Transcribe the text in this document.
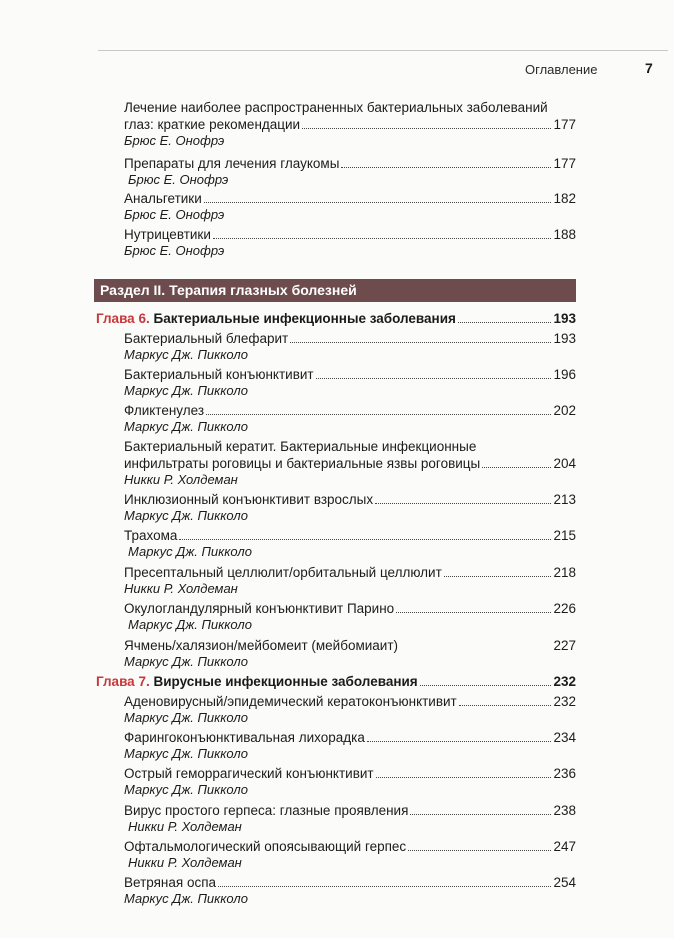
Оглавление	7
Лечение наиболее распространенных бактериальных заболеваний
глаз: краткие рекомендации	177
Брюс Е. Онофрэ
Препараты для лечения глаукомы	177
Брюс Е. Онофрэ
Анальгетики	182
Брюс Е. Онофрэ
Нутрицевтики	188
Брюс Е. Онофрэ
Раздел II. Терапия глазных болезней
Глава 6. Бактериальные инфекционные заболевания	193
Бактериальный блефарит	193
Маркус Дж. Пикколо
Бактериальный конъюнктивит	196
Маркус Дж. Пикколо
Фликтенулез	202
Маркус Дж. Пикколо
Бактериальный кератит. Бактериальные инфекционные
инфильтраты роговицы и бактериальные язвы роговицы	204
Никки Р. Холдеман
Инклюзионный конъюнктивит взрослых	213
Маркус Дж. Пикколо
Трахома	215
Маркус Дж. Пикколо
Пресептальный целлюлит/орбитальный целлюлит	218
Никки Р. Холдеман
Окулогландулярный конъюнктивит Парино	226
Маркус Дж. Пикколо
Ячмень/халязион/мейбомеит (мейбомиаит)	227
Маркус Дж. Пикколо
Глава 7. Вирусные инфекционные заболевания	232
Аденовирусный/эпидемический кератоконъюнктивит	232
Маркус Дж. Пикколо
Фарингоконъюнктивальная лихорадка	234
Маркус Дж. Пикколо
Острый геморрагический конъюнктивит	236
Маркус Дж. Пикколо
Вирус простого герпеса: глазные проявления	238
Никки Р. Холдеман
Офтальмологический опоясывающий герпес	247
Никки Р. Холдеман
Ветряная оспа	254
Маркус Дж. Пикколо
